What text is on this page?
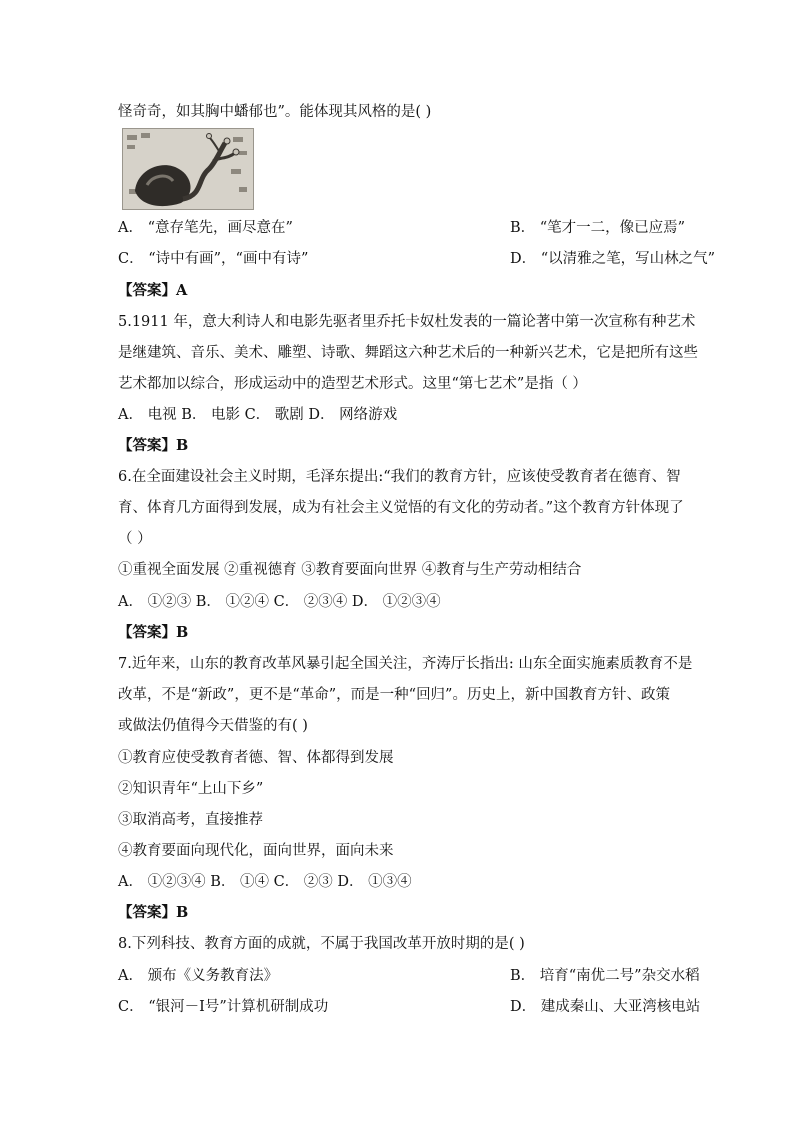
怪奇奇，如其胸中蟠郁也”。能体现其风格的是( )
A． “意存笔先，画尽意在”	B． “笔才一二，像已应焉”
C． “诗中有画”，“画中有诗”	D． “以清雅之笔，写山林之气”
【答案】A
5.1911 年，意大利诗人和电影先驱者里乔托卡奴杜发表的一篇论著中第一次宣称有种艺术
是继建筑、音乐、美术、雕塑、诗歌、舞蹈这六种艺术后的一种新兴艺术，它是把所有这些
艺术都加以综合，形成运动中的造型艺术形式。这里“第七艺术”是指（ ）
A． 电视 B． 电影 C． 歌剧 D． 网络游戏
【答案】B
6.在全面建设社会主义时期，毛泽东提出:“我们的教育方针，应该使受教育者在德育、智
育、体育几方面得到发展，成为有社会主义觉悟的有文化的劳动者。”这个教育方针体现了
（ ）
①重视全面发展 ②重视德育 ③教育要面向世界 ④教育与生产劳动相结合
A． ①②③ B． ①②④ C． ②③④ D． ①②③④
【答案】B
7.近年来，山东的教育改革风暴引起全国关注，齐涛厅长指出: 山东全面实施素质教育不是
改革，不是“新政”，更不是“革命”，而是一种“回归”。历史上，新中国教育方针、政策
或做法仍值得今天借鉴的有( )
①教育应使受教育者德、智、体都得到发展
②知识青年“上山下乡”
③取消高考，直接推荐
④教育要面向现代化，面向世界，面向未来
A． ①②③④ B． ①④ C． ②③ D． ①③④
【答案】B
8.下列科技、教育方面的成就，不属于我国改革开放时期的是( )
A． 颁布《义务教育法》	B． 培育“南优二号”杂交水稻
C． “银河－Ⅰ号”计算机研制成功	D． 建成秦山、大亚湾核电站
